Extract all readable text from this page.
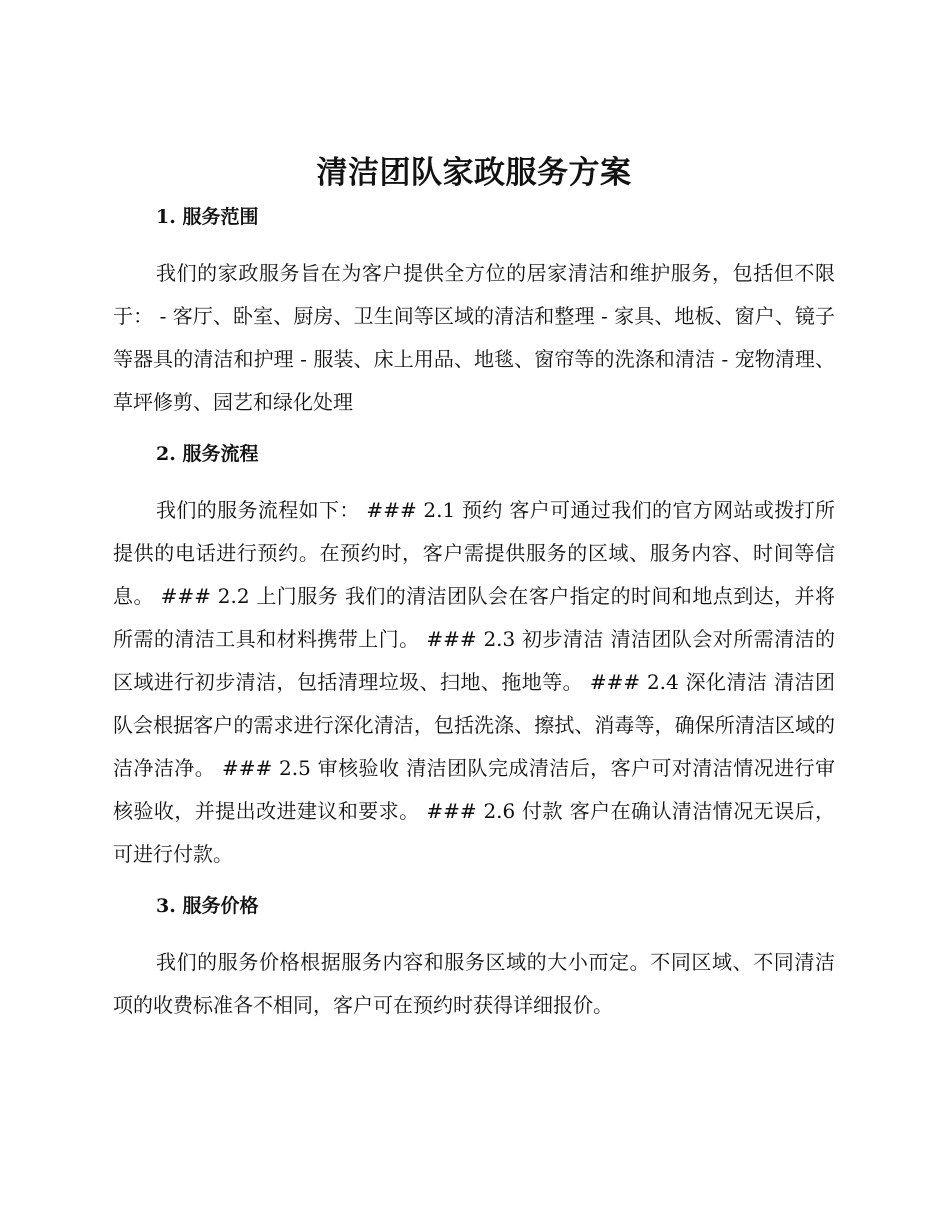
清洁团队家政服务方案
1. 服务范围

我们的家政服务旨在为客户提供全方位的居家清洁和维护服务，包括但不限于： - 客厅、卧室、厨房、卫生间等区域的清洁和整理 - 家具、地板、窗户、镜子等器具的清洁和护理 - 服装、床上用品、地毯、窗帘等的洗涤和清洁 - 宠物清理、草坪修剪、园艺和绿化处理

2. 服务流程

我们的服务流程如下： ### 2.1 预约 客户可通过我们的官方网站或拨打所提供的电话进行预约。在预约时，客户需提供服务的区域、服务内容、时间等信息。 ### 2.2 上门服务 我们的清洁团队会在客户指定的时间和地点到达，并将所需的清洁工具和材料携带上门。 ### 2.3 初步清洁 清洁团队会对所需清洁的区域进行初步清洁，包括清理垃圾、扫地、拖地等。 ### 2.4 深化清洁 清洁团队会根据客户的需求进行深化清洁，包括洗涤、擦拭、消毒等，确保所清洁区域的洁净洁净。 ### 2.5 审核验收 清洁团队完成清洁后，客户可对清洁情况进行审核验收，并提出改进建议和要求。 ### 2.6 付款 客户在确认清洁情况无误后，可进行付款。

3. 服务价格

我们的服务价格根据服务内容和服务区域的大小而定。不同区域、不同清洁项的收费标准各不相同，客户可在预约时获得详细报价。
